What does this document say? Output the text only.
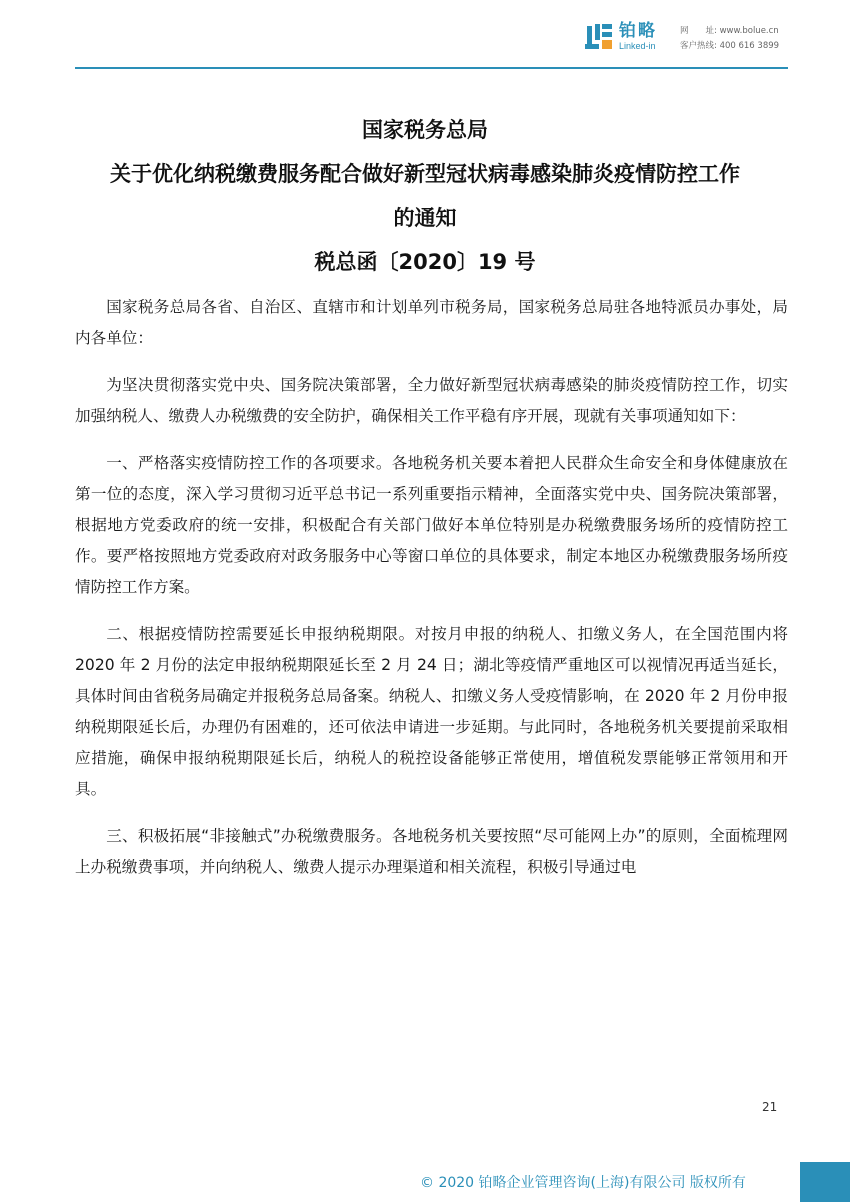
铂略
Linked-in
网　　址: www.bolue.cn
客户热线: 400 616 3899
国家税务总局
关于优化纳税缴费服务配合做好新型冠状病毒感染肺炎疫情防控工作
的通知
税总函〔2020〕19 号

国家税务总局各省、自治区、直辖市和计划单列市税务局，国家税务总局驻各地特派员办事处，局内各单位：

为坚决贯彻落实党中央、国务院决策部署，全力做好新型冠状病毒感染的肺炎疫情防控工作，切实加强纳税人、缴费人办税缴费的安全防护，确保相关工作平稳有序开展，现就有关事项通知如下：

一、严格落实疫情防控工作的各项要求。各地税务机关要本着把人民群众生命安全和身体健康放在第一位的态度，深入学习贯彻习近平总书记一系列重要指示精神，全面落实党中央、国务院决策部署，根据地方党委政府的统一安排，积极配合有关部门做好本单位特别是办税缴费服务场所的疫情防控工作。要严格按照地方党委政府对政务服务中心等窗口单位的具体要求，制定本地区办税缴费服务场所疫情防控工作方案。

二、根据疫情防控需要延长申报纳税期限。对按月申报的纳税人、扣缴义务人，在全国范围内将 2020 年 2 月份的法定申报纳税期限延长至 2 月 24 日；湖北等疫情严重地区可以视情况再适当延长，具体时间由省税务局确定并报税务总局备案。纳税人、扣缴义务人受疫情影响，在 2020 年 2 月份申报纳税期限延长后，办理仍有困难的，还可依法申请进一步延期。与此同时，各地税务机关要提前采取相应措施，确保申报纳税期限延长后，纳税人的税控设备能够正常使用，增值税发票能够正常领用和开具。

三、积极拓展“非接触式”办税缴费服务。各地税务机关要按照“尽可能网上办”的原则，全面梳理网上办税缴费事项，并向纳税人、缴费人提示办理渠道和相关流程，积极引导通过电

21
© 2020 铂略企业管理咨询(上海)有限公司 版权所有
